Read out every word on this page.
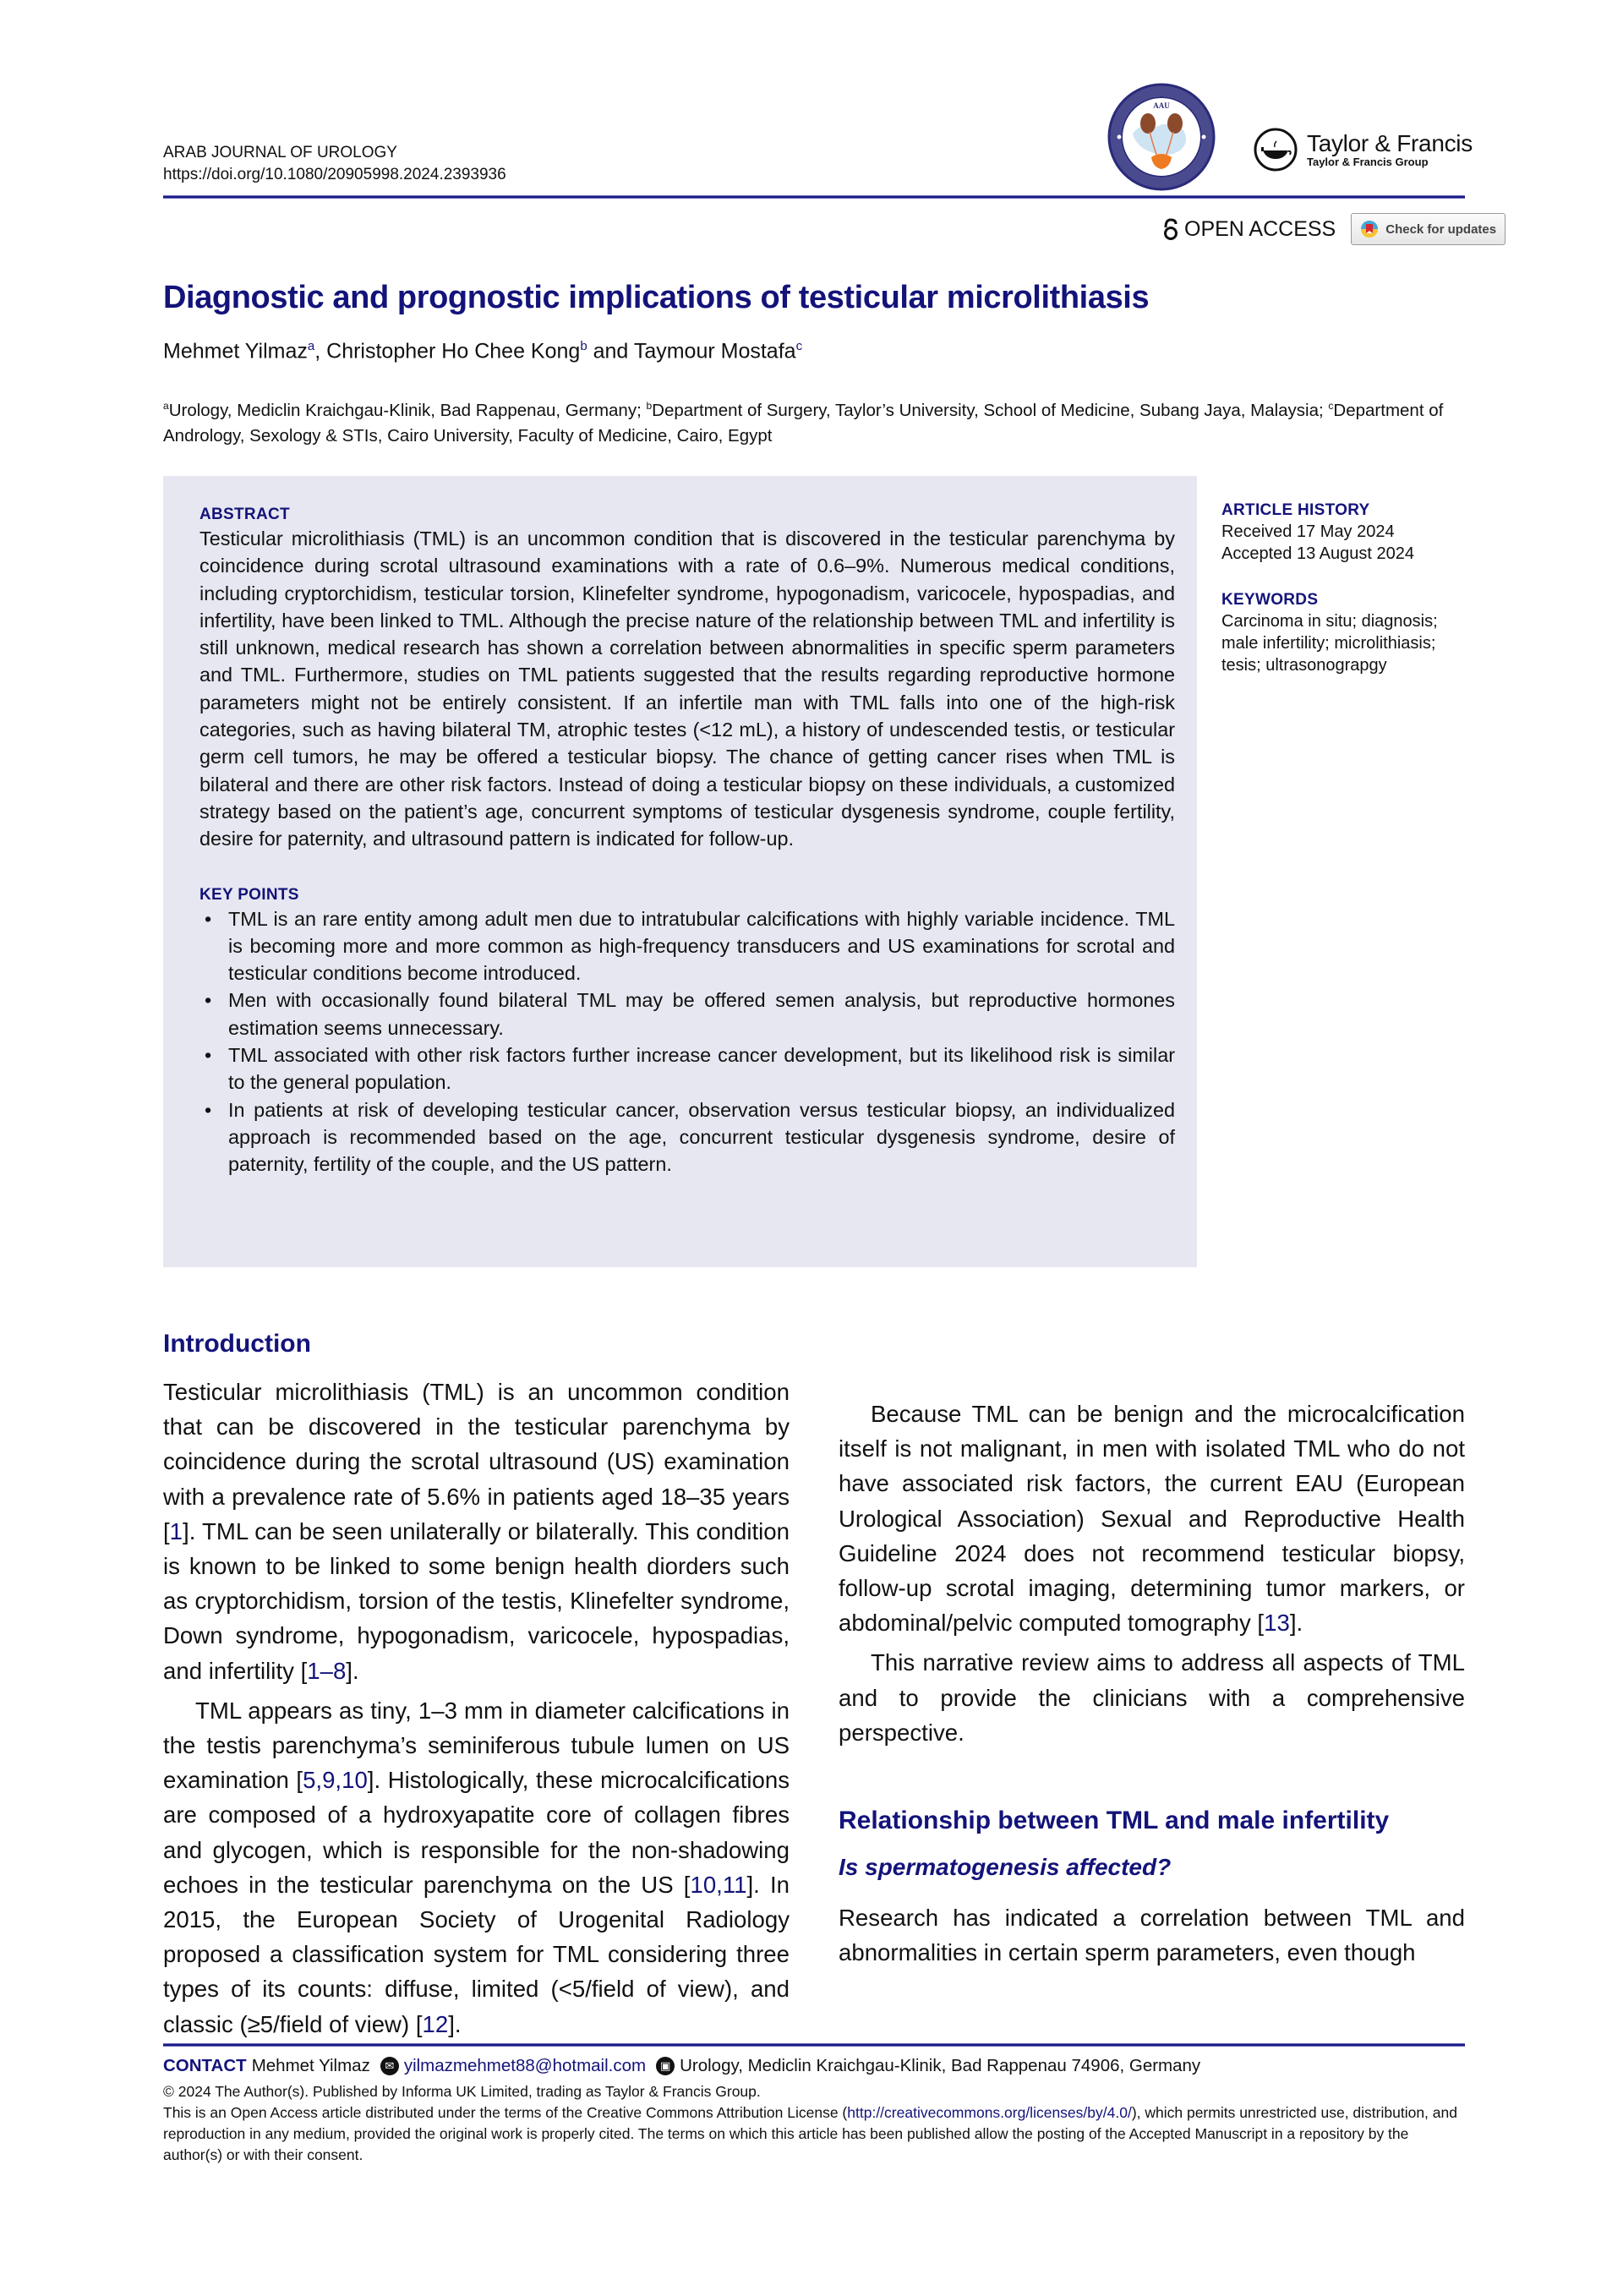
ARAB JOURNAL OF UROLOGY
https://doi.org/10.1080/20905998.2024.2393936
AAU
Taylor & Francis
Taylor & Francis Group
OPEN ACCESS	Check for updates
Diagnostic and prognostic implications of testicular microlithiasis
Mehmet Yilmaz$^a$, Christopher Ho Chee Kong$^b$ and Taymour Mostafa$^c$
$^a$Urology, Mediclin Kraichgau-Klinik, Bad Rappenau, Germany; $^b$Department of Surgery, Taylor’s University, School of Medicine, Subang Jaya, Malaysia; $^c$Department of Andrology, Sexology & STIs, Cairo University, Faculty of Medicine, Cairo, Egypt
ABSTRACT

Testicular microlithiasis (TML) is an uncommon condition that is discovered in the testicular parenchyma by coincidence during scrotal ultrasound examinations with a rate of 0.6–9%. Numerous medical conditions, including cryptorchidism, testicular torsion, Klinefelter syndrome, hypogonadism, varicocele, hypospadias, and infertility, have been linked to TML. Although the precise nature of the relationship between TML and infertility is still unknown, medical research has shown a correlation between abnormalities in specific sperm parameters and TML. Furthermore, studies on TML patients suggested that the results regarding reproductive hormone parameters might not be entirely consistent. If an infertile man with TML falls into one of the high-risk categories, such as having bilateral TM, atrophic testes (<12 mL), a history of undescended testis, or testicular germ cell tumors, he may be offered a testicular biopsy. The chance of getting cancer rises when TML is bilateral and there are other risk factors. Instead of doing a testicular biopsy on these individuals, a customized strategy based on the patient’s age, concurrent symptoms of testicular dysgenesis syndrome, couple fertility, desire for paternity, and ultrasound pattern is indicated for follow-up.

KEY POINTS
• TML is an rare entity among adult men due to intratubular calcifications with highly variable incidence. TML is becoming more and more common as high-frequency transducers and US examinations for scrotal and testicular conditions become introduced.
• Men with occasionally found bilateral TML may be offered semen analysis, but reproductive hormones estimation seems unnecessary.
• TML associated with other risk factors further increase cancer development, but its likelihood risk is similar to the general population.
• In patients at risk of developing testicular cancer, observation versus testicular biopsy, an individualized approach is recommended based on the age, concurrent testicular dysgenesis syndrome, desire of paternity, fertility of the couple, and the US pattern.
ARTICLE HISTORY
Received 17 May 2024
Accepted 13 August 2024
KEYWORDS
Carcinoma in situ; diagnosis; male infertility; microlithiasis; tesis; ultrasonograpgy
Introduction

Testicular microlithiasis (TML) is an uncommon condition that can be discovered in the testicular parenchyma by coincidence during the scrotal ultrasound (US) examination with a prevalence rate of 5.6% in patients aged 18–35 years [1]. TML can be seen unilaterally or bilaterally. This condition is known to be linked to some benign health diorders such as cryptorchidism, torsion of the testis, Klinefelter syndrome, Down syndrome, hypogonadism, varicocele, hypospadias, and infertility [1–8].

TML appears as tiny, 1–3 mm in diameter calcifications in the testis parenchyma’s seminiferous tubule lumen on US examination [5,9,10]. Histologically, these microcalcifications are composed of a hydroxyapatite core of collagen fibres and glycogen, which is responsible for the non-shadowing echoes in the testicular parenchyma on the US [10,11]. In 2015, the European Society of Urogenital Radiology proposed a classification system for TML considering three types of its counts: diffuse, limited (<5/field of view), and classic (≥5/field of view) [12].

Because TML can be benign and the microcalcification itself is not malignant, in men with isolated TML who do not have associated risk factors, the current EAU (European Urological Association) Sexual and Reproductive Health Guideline 2024 does not recommend testicular biopsy, follow-up scrotal imaging, determining tumor markers, or abdominal/pelvic computed tomography [13].

This narrative review aims to address all aspects of TML and to provide the clinicians with a comprehensive perspective.

Relationship between TML and male infertility
Is spermatogenesis affected?

Research has indicated a correlation between TML and abnormalities in certain sperm parameters, even though

CONTACT Mehmet Yilmaz	✉ yilmazmehmet88@hotmail.com	▣ Urology, Mediclin Kraichgau-Klinik, Bad Rappenau 74906, Germany
© 2024 The Author(s). Published by Informa UK Limited, trading as Taylor & Francis Group.
This is an Open Access article distributed under the terms of the Creative Commons Attribution License (http://creativecommons.org/licenses/by/4.0/), which permits unrestricted use, distribution, and reproduction in any medium, provided the original work is properly cited. The terms on which this article has been published allow the posting of the Accepted Manuscript in a repository by the author(s) or with their consent.
